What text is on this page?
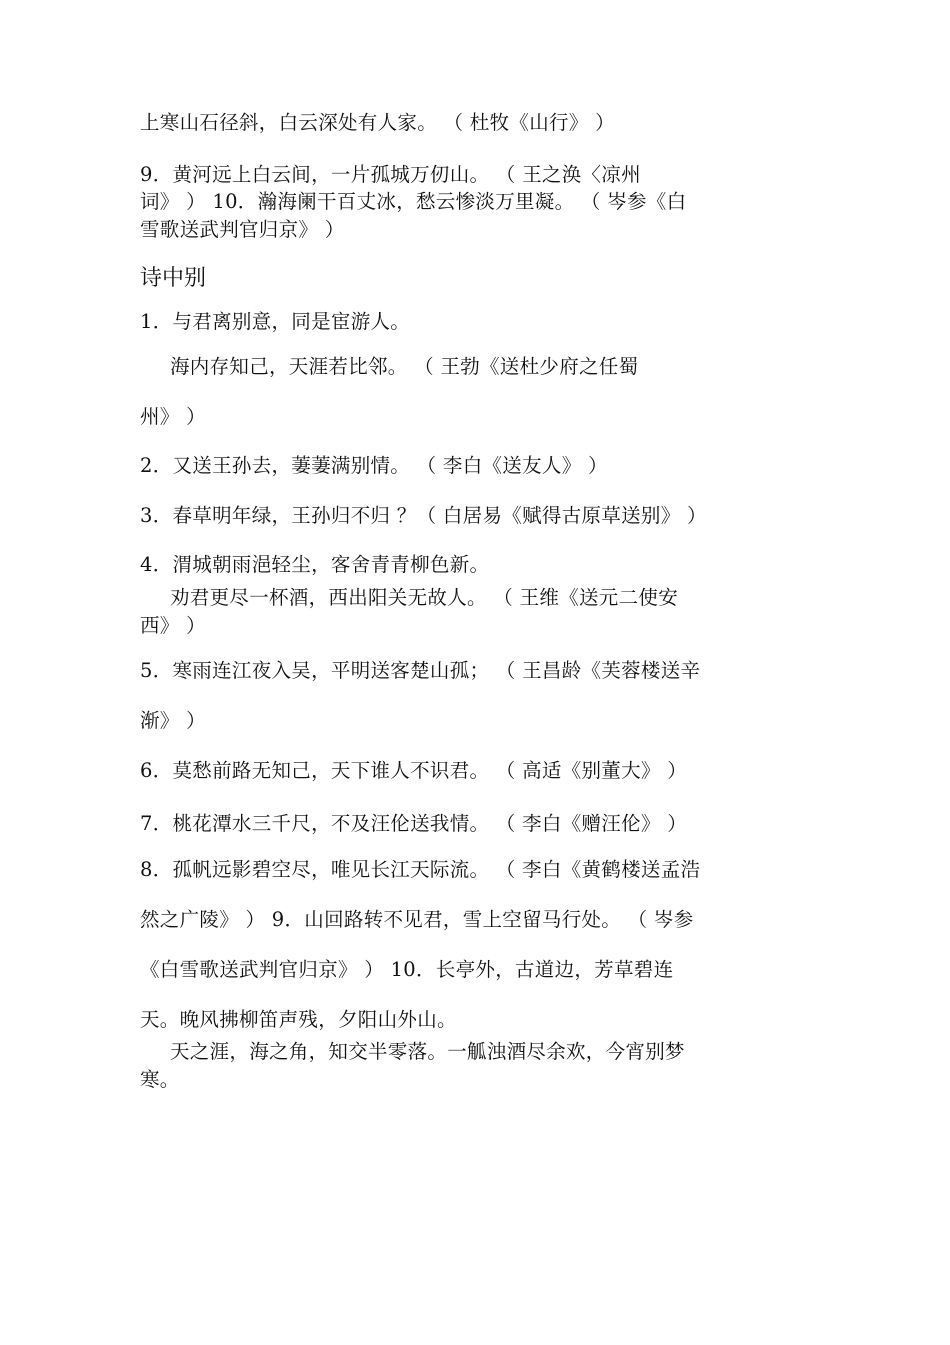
上寒山石径斜，白云深处有人家。 （ 杜牧《山行》 ）
9．黄河远上白云间，一片孤城万仞山。 （ 王之涣〈凉州
词》 ） 10．瀚海阑干百丈冰，愁云惨淡万里凝。 （ 岑参《白
雪歌送武判官归京》 ）
诗中别
1．与君离别意，同是宦游人。
海内存知己，天涯若比邻。 （ 王勃《送杜少府之任蜀
州》 ）
2．又送王孙去，萋萋满别情。 （ 李白《送友人》 ）
3．春草明年绿，王孙归不归 ？（ 白居易《赋得古原草送别》 ）
4．渭城朝雨浥轻尘，客舍青青柳色新。
劝君更尽一杯酒，西出阳关无故人。 （ 王维《送元二使安
西》 ）
5．寒雨连江夜入吴，平明送客楚山孤； （ 王昌龄《芙蓉楼送辛
渐》 ）
6．莫愁前路无知己，天下谁人不识君。 （ 高适《别董大》 ）
7．桃花潭水三千尺，不及汪伦送我情。 （ 李白《赠汪伦》 ）
8．孤帆远影碧空尽，唯见长江天际流。 （ 李白《黄鹤楼送孟浩
然之广陵》 ） 9．山回路转不见君，雪上空留马行处。 （ 岑参
《白雪歌送武判官归京》 ） 10．长亭外，古道边，芳草碧连
天。晚风拂柳笛声残，夕阳山外山。
天之涯，海之角，知交半零落。一觚浊酒尽余欢，今宵别梦
寒。
